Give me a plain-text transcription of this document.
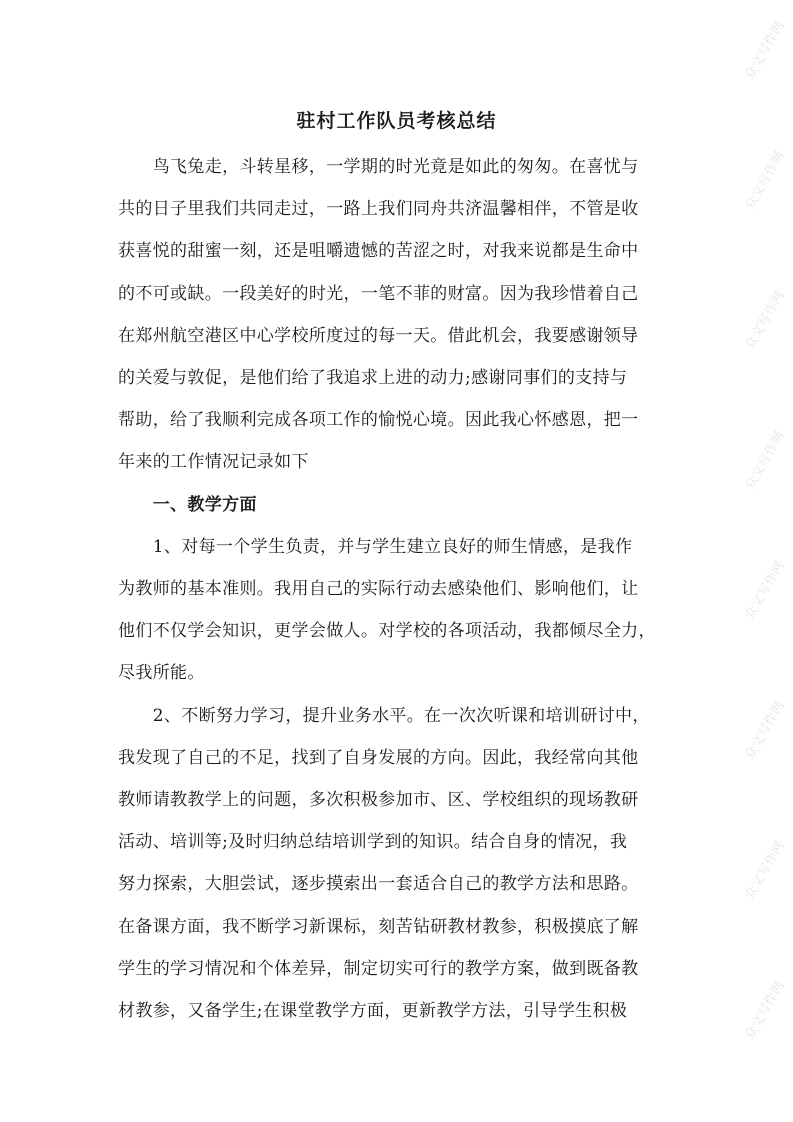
驻村工作队员考核总结

　　鸟飞兔走，斗转星移，一学期的时光竟是如此的匆匆。在喜忧与

共的日子里我们共同走过，一路上我们同舟共济温馨相伴，不管是收

获喜悦的甜蜜一刻，还是咀嚼遗憾的苦涩之时，对我来说都是生命中

的不可或缺。一段美好的时光，一笔不菲的财富。因为我珍惜着自己

在郑州航空港区中心学校所度过的每一天。借此机会，我要感谢领导

的关爱与敦促，是他们给了我追求上进的动力;感谢同事们的支持与

帮助，给了我顺利完成各项工作的愉悦心境。因此我心怀感恩，把一

年来的工作情况记录如下

　　一、教学方面

　　1、对每一个学生负责，并与学生建立良好的师生情感，是我作

为教师的基本准则。我用自己的实际行动去感染他们、影响他们，让

他们不仅学会知识，更学会做人。对学校的各项活动，我都倾尽全力，

尽我所能。

　　2、不断努力学习，提升业务水平。在一次次听课和培训研讨中，

我发现了自己的不足，找到了自身发展的方向。因此，我经常向其他

教师请教教学上的问题，多次积极参加市、区、学校组织的现场教研

活动、培训等;及时归纳总结培训学到的知识。结合自身的情况，我

努力探索，大胆尝试，逐步摸索出一套适合自己的教学方法和思路。

在备课方面，我不断学习新课标，刻苦钻研教材教参，积极摸底了解

学生的学习情况和个体差异，制定切实可行的教学方案，做到既备教

材教参，又备学生;在课堂教学方面，更新教学方法，引导学生积极

众文写作网
众文写作网
众文写作网
众文写作网
众文写作网
众文写作网
众文写作网
众文写作网
